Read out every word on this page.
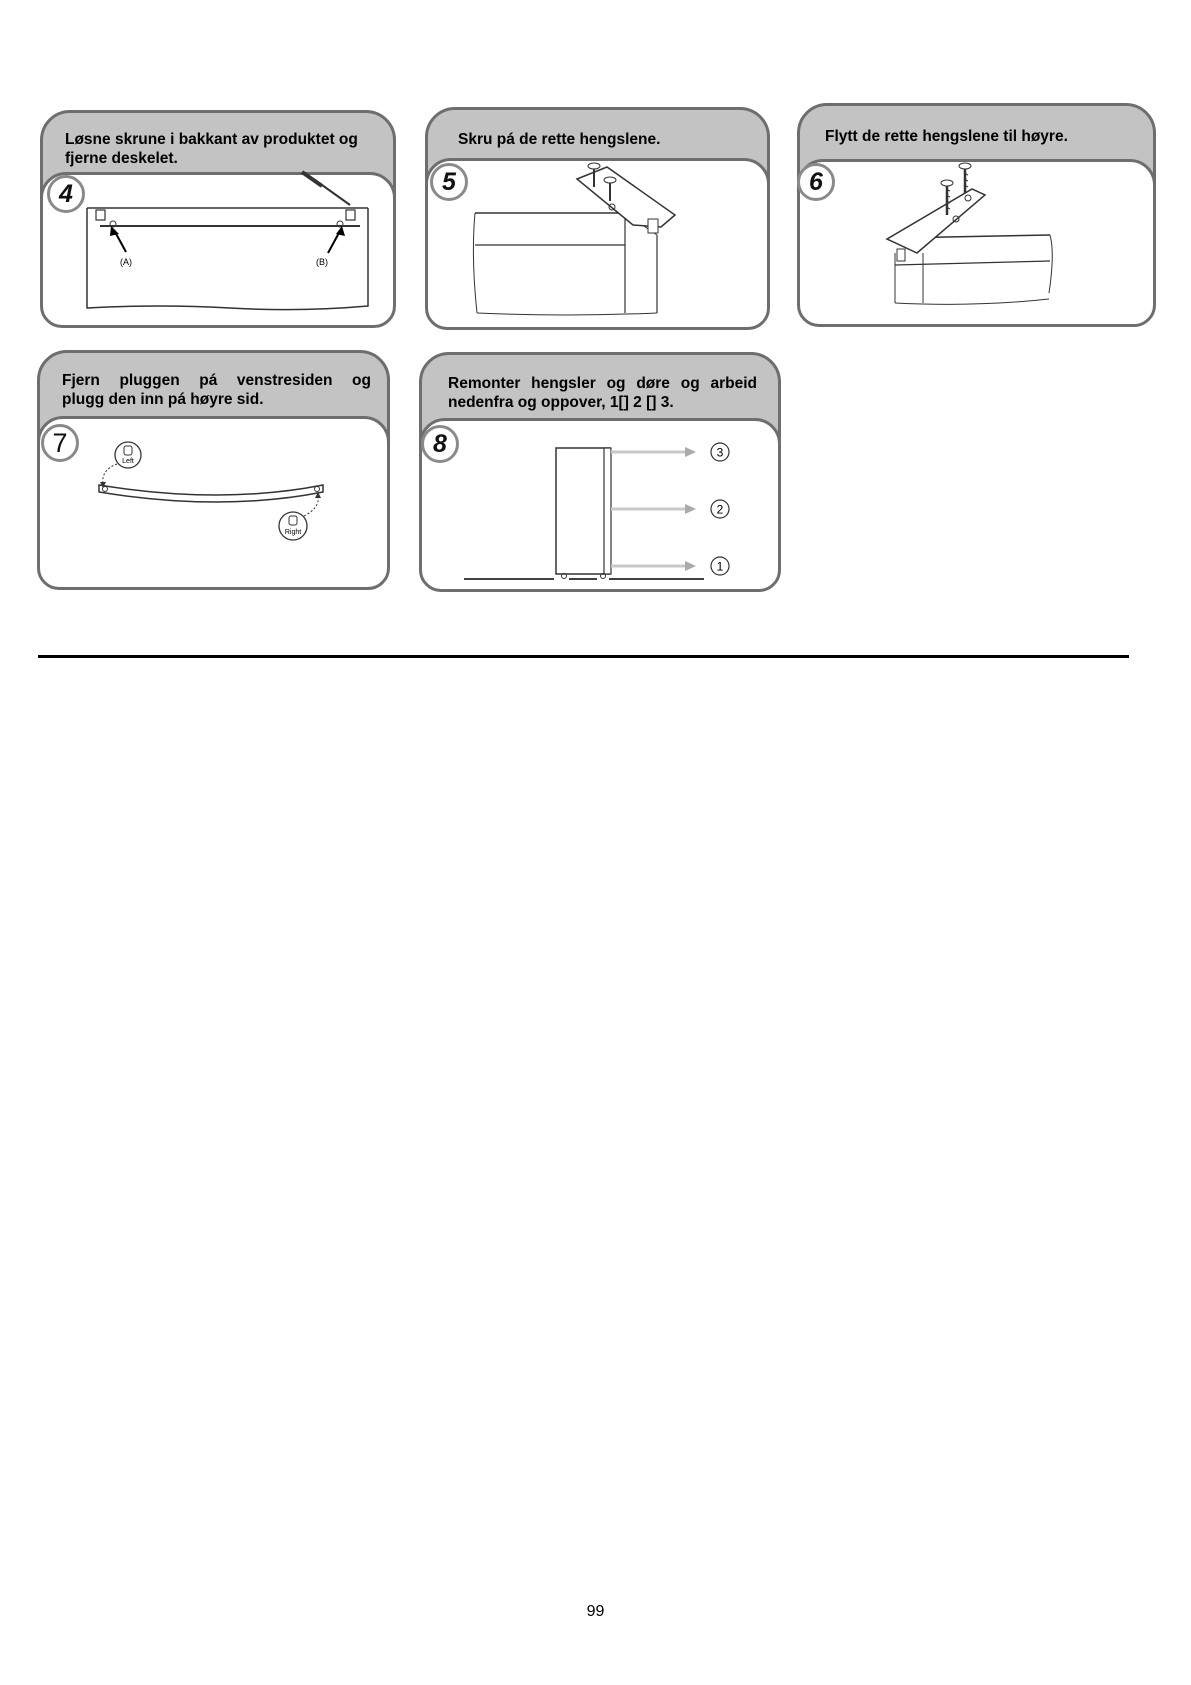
Løsne skrune i bakkant av produktet og
fjerne deskelet.
4
(A)	(B)
Skru pá de rette hengslene.
5
Flytt de rette hengslene til høyre.
6
Fjern pluggen pá venstresiden og
plugg den inn pá høyre sid.
7
Left
Right
Remonter hengsler og døre og arbeid
nedenfra og oppover, 1[] 2 [] 3.
8	3
2
1
99
